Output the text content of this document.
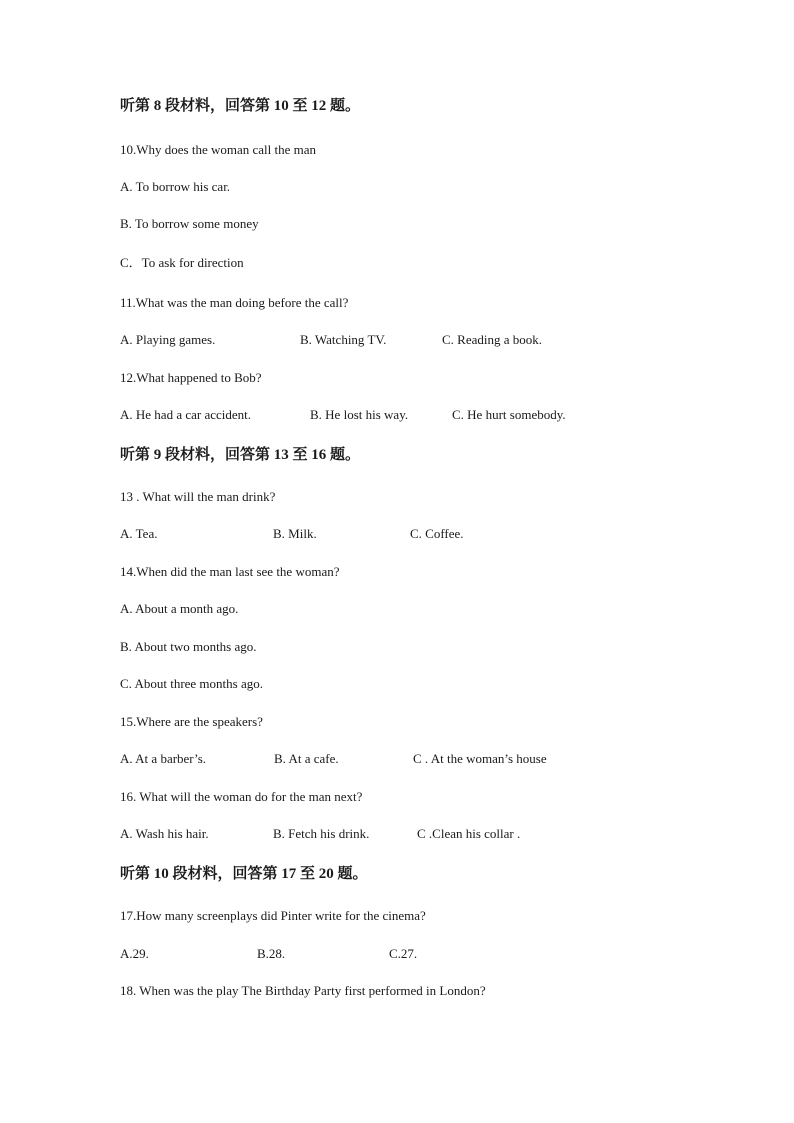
听第 8 段材料，回答第 10 至 12 题。
10.Why does the woman call the man
A. To borrow his car.
B. To borrow some money
C．To ask for direction
11.What was the man doing before the call?
A. Playing games.	B. Watching TV.	C. Reading a book.
12.What happened to Bob?
A. He had a car accident.	B. He lost his way.	C. He hurt somebody.
听第 9 段材料，回答第 13 至 16 题。
13 . What will the man drink?
A. Tea.	B. Milk.	C. Coffee.
14.When did the man last see the woman?
A. About a month ago.
B. About two months ago.
C. About three months ago.
15.Where are the speakers?
A. At a barber’s.	B. At a cafe.	C . At the woman’s house
16. What will the woman do for the man next?
A. Wash his hair.	B. Fetch his drink.	C .Clean his collar .
听第 10 段材料，回答第 17 至 20 题。
17.How many screenplays did Pinter write for the cinema?
A.29.	B.28.	C.27.
18. When was the play The Birthday Party first performed in London?
